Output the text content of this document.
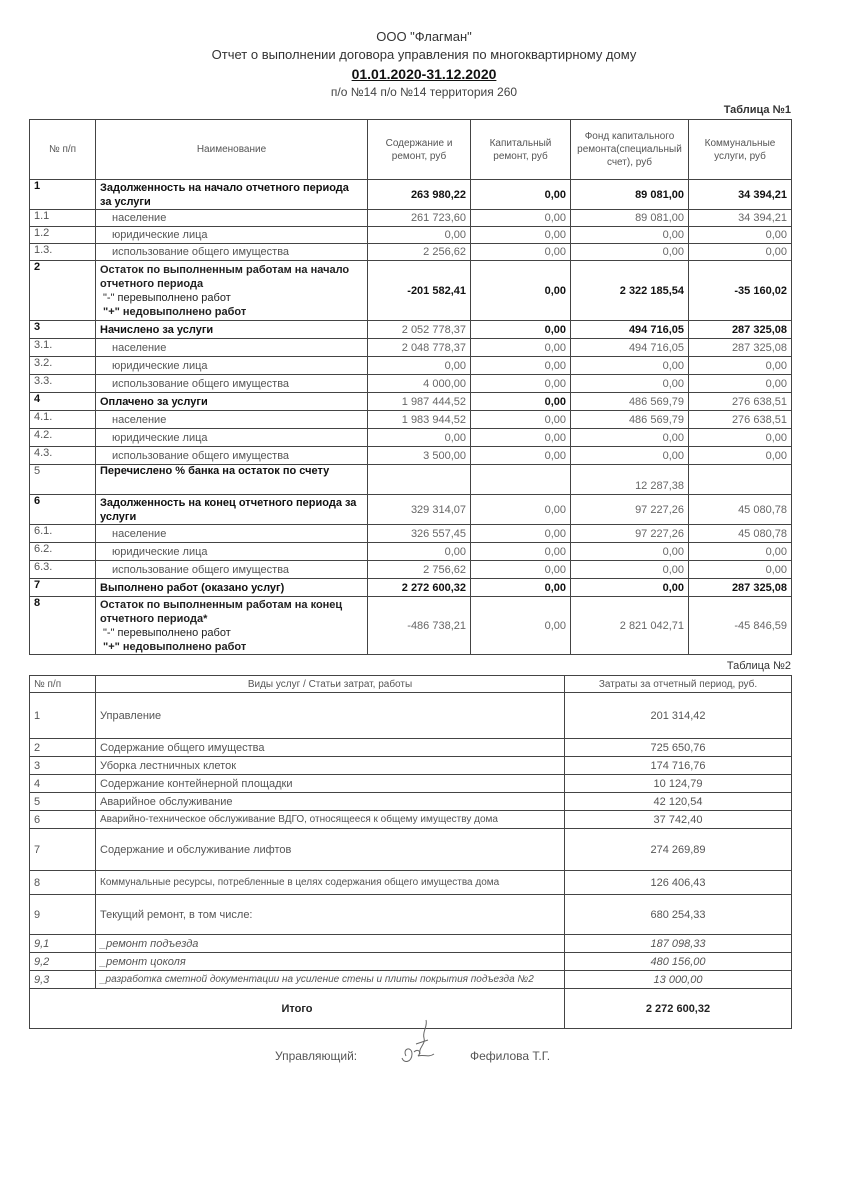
ООО "Флагман"
Отчет о выполнении договора управления по многоквартирному дому
01.01.2020-31.12.2020
п/о №14 п/о №14 территория 260
Таблица №1
№ п/п	Наименование	Содержание и ремонт, руб	Капитальный ремонт, руб	Фонд капитального ремонта(специальный счет), руб	Коммунальные услуги, руб
1	Задолженность на начало отчетного периода за услуги	263 980,22	0,00	89 081,00	34 394,21
1.1	население	261 723,60	0,00	89 081,00	34 394,21
1.2	юридические лица	0,00	0,00	0,00	0,00
1.3.	использование общего имущества	2 256,62	0,00	0,00	0,00
2	Остаток по выполненным работам на начало отчетного периода
"-" перевыполнено работ
"+" недовыполнено работ	-201 582,41	0,00	2 322 185,54	-35 160,02
3	Начислено за услуги	2 052 778,37	0,00	494 716,05	287 325,08
3.1.	население	2 048 778,37	0,00	494 716,05	287 325,08
3.2.	юридические лица	0,00	0,00	0,00	0,00
3.3.	использование общего имущества	4 000,00	0,00	0,00	0,00
4	Оплачено за услуги	1 987 444,52	0,00	486 569,79	276 638,51
4.1.	население	1 983 944,52	0,00	486 569,79	276 638,51
4.2.	юридические лица	0,00	0,00	0,00	0,00
4.3.	использование общего имущества	3 500,00	0,00	0,00	0,00
5	Перечислено % банка на остаток по счету			12 287,38	
6	Задолженность на конец отчетного периода за услуги	329 314,07	0,00	97 227,26	45 080,78
6.1.	население	326 557,45	0,00	97 227,26	45 080,78
6.2.	юридические лица	0,00	0,00	0,00	0,00
6.3.	использование общего имущества	2 756,62	0,00	0,00	0,00
7	Выполнено работ (оказано услуг)	2 272 600,32	0,00	0,00	287 325,08
8	Остаток по выполненным работам на конец отчетного периода*
"-" перевыполнено работ
"+" недовыполнено работ	-486 738,21	0,00	2 821 042,71	-45 846,59
Таблица №2
№ п/п	Виды услуг / Статьи затрат, работы	Затраты за отчетный период, руб.
1	Управление	201 314,42
2	Содержание общего имущества	725 650,76
3	Уборка лестничных клеток	174 716,76
4	Содержание контейнерной площадки	10 124,79
5	Аварийное обслуживание	42 120,54
6	Аварийно-техническое обслуживание ВДГО, относящееся к общему имуществу дома	37 742,40
7	Содержание и обслуживание лифтов	274 269,89
8	Коммунальные ресурсы, потребленные в целях содержания общего имущества дома	126 406,43
9	Текущий ремонт, в том числе:	680 254,33
9,1	_ремонт подъезда	187 098,33
9,2	_ремонт цоколя	480 156,00
9,3	_разработка сметной документации на усиление стены и плиты покрытия подъезда №2	13 000,00
Итого		2 272 600,32
Управляющий:	Фефилова Т.Г.
